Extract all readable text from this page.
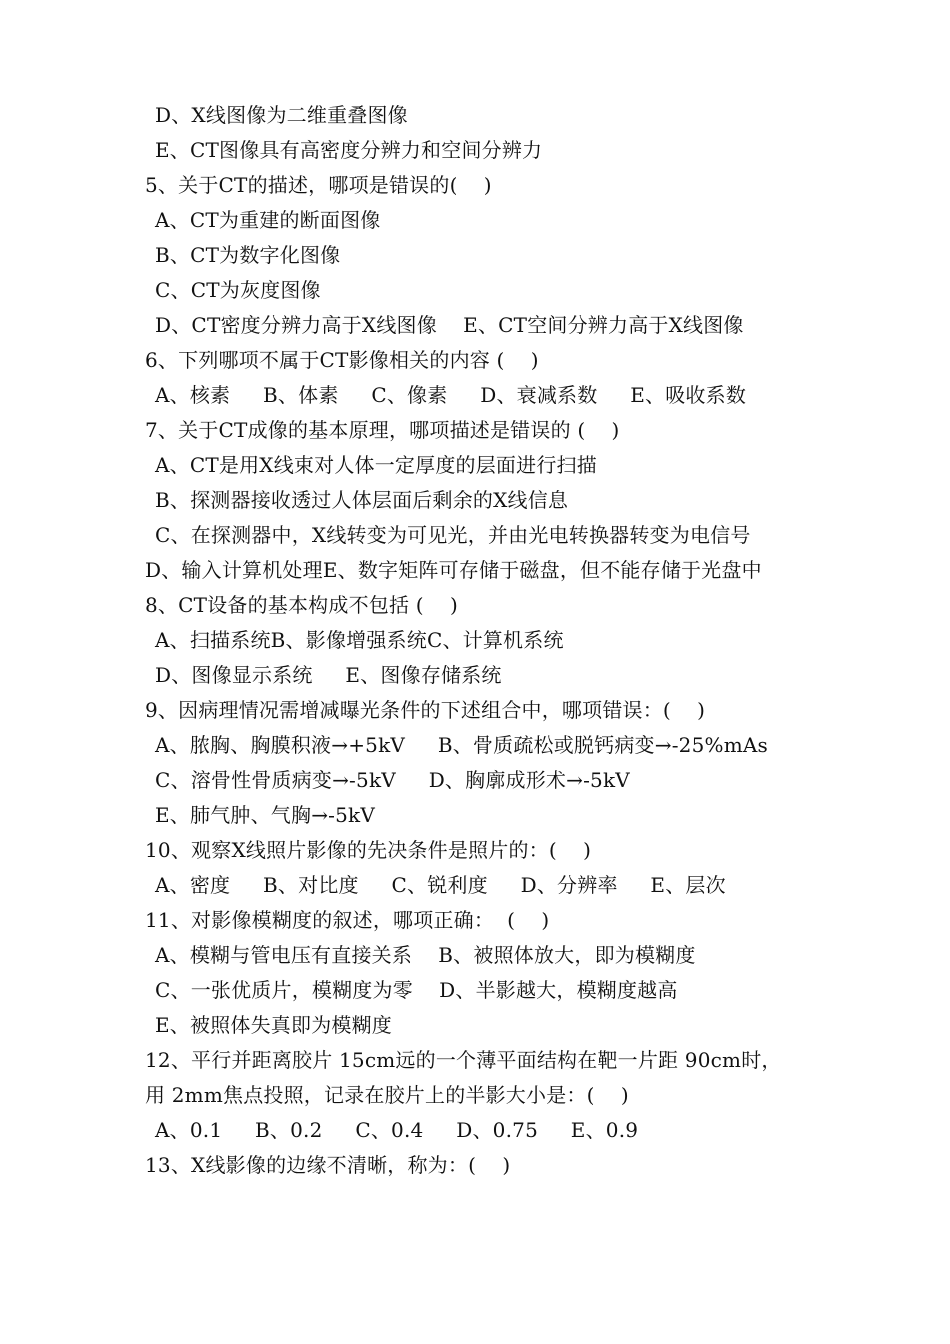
D、X线图像为二维重叠图像
E、CT图像具有高密度分辨力和空间分辨力
5、关于CT的描述，哪项是错误的(    )
A、CT为重建的断面图像
B、CT为数字化图像
C、CT为灰度图像
D、CT密度分辨力高于X线图像    E、CT空间分辨力高于X线图像
6、下列哪项不属于CT影像相关的内容 (    )
A、核素     B、体素     C、像素     D、衰减系数     E、吸收系数
7、关于CT成像的基本原理，哪项描述是错误的 (    )
A、CT是用X线束对人体一定厚度的层面进行扫描
B、探测器接收透过人体层面后剩余的X线信息
C、在探测器中，X线转变为可见光，并由光电转换器转变为电信号
D、输入计算机处理E、数字矩阵可存储于磁盘，但不能存储于光盘中
8、CT设备的基本构成不包括 (    )
A、扫描系统B、影像增强系统C、计算机系统
D、图像显示系统     E、图像存储系统
9、因病理情况需增减曝光条件的下述组合中，哪项错误：(    )
A、脓胸、胸膜积液→+5kV     B、骨质疏松或脱钙病变→-25%mAs
C、溶骨性骨质病变→-5kV     D、胸廓成形术→-5kV
E、肺气肿、气胸→-5kV
10、观察X线照片影像的先决条件是照片的：(    )
A、密度     B、对比度     C、锐利度     D、分辨率     E、层次
11、对影像模糊度的叙述，哪项正确：  (    )
A、模糊与管电压有直接关系    B、被照体放大，即为模糊度
C、一张优质片，模糊度为零    D、半影越大，模糊度越高
E、被照体失真即为模糊度
12、平行并距离胶片 15cm远的一个薄平面结构在靶一片距 90cm时，
用 2mm焦点投照，记录在胶片上的半影大小是：(    )
A、0.1     B、0.2     C、0.4     D、0.75     E、0.9
13、X线影像的边缘不清晰，称为：(    )
